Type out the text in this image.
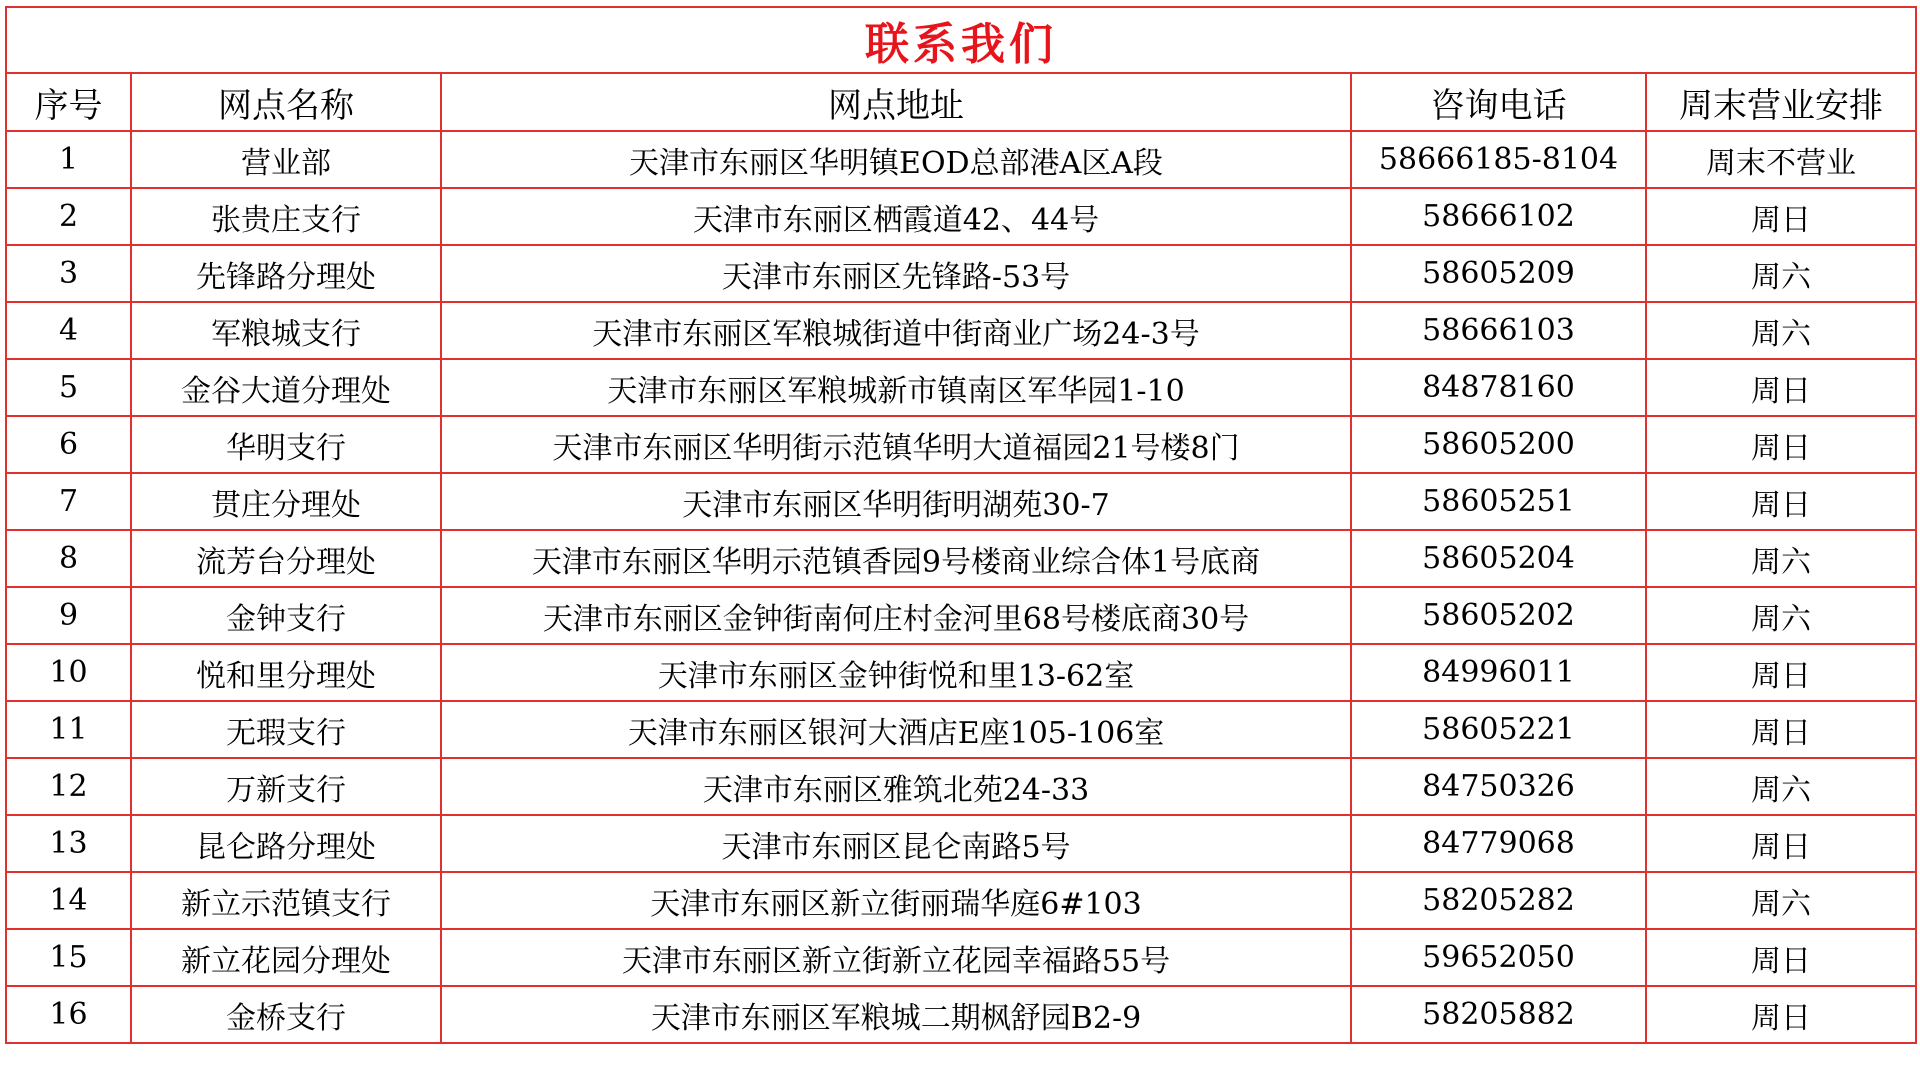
联系我们				
序号	网点名称	网点地址	咨询电话	周末营业安排
1	营业部	天津市东丽区华明镇EOD总部港A区A段	58666185-8104	周末不营业
2	张贵庄支行	天津市东丽区栖霞道42、44号	58666102	周日
3	先锋路分理处	天津市东丽区先锋路-53号	58605209	周六
4	军粮城支行	天津市东丽区军粮城街道中街商业广场24-3号	58666103	周六
5	金谷大道分理处	天津市东丽区军粮城新市镇南区军华园1-10	84878160	周日
6	华明支行	天津市东丽区华明街示范镇华明大道福园21号楼8门	58605200	周日
7	贯庄分理处	天津市东丽区华明街明湖苑30-7	58605251	周日
8	流芳台分理处	天津市东丽区华明示范镇香园9号楼商业综合体1号底商	58605204	周六
9	金钟支行	天津市东丽区金钟街南何庄村金河里68号楼底商30号	58605202	周六
10	悦和里分理处	天津市东丽区金钟街悦和里13-62室	84996011	周日
11	无瑕支行	天津市东丽区银河大酒店E座105-106室	58605221	周日
12	万新支行	天津市东丽区雅筑北苑24-33	84750326	周六
13	昆仑路分理处	天津市东丽区昆仑南路5号	84779068	周日
14	新立示范镇支行	天津市东丽区新立街丽瑞华庭6#103	58205282	周六
15	新立花园分理处	天津市东丽区新立街新立花园幸福路55号	59652050	周日
16	金桥支行	天津市东丽区军粮城二期枫舒园B2-9	58205882	周日
